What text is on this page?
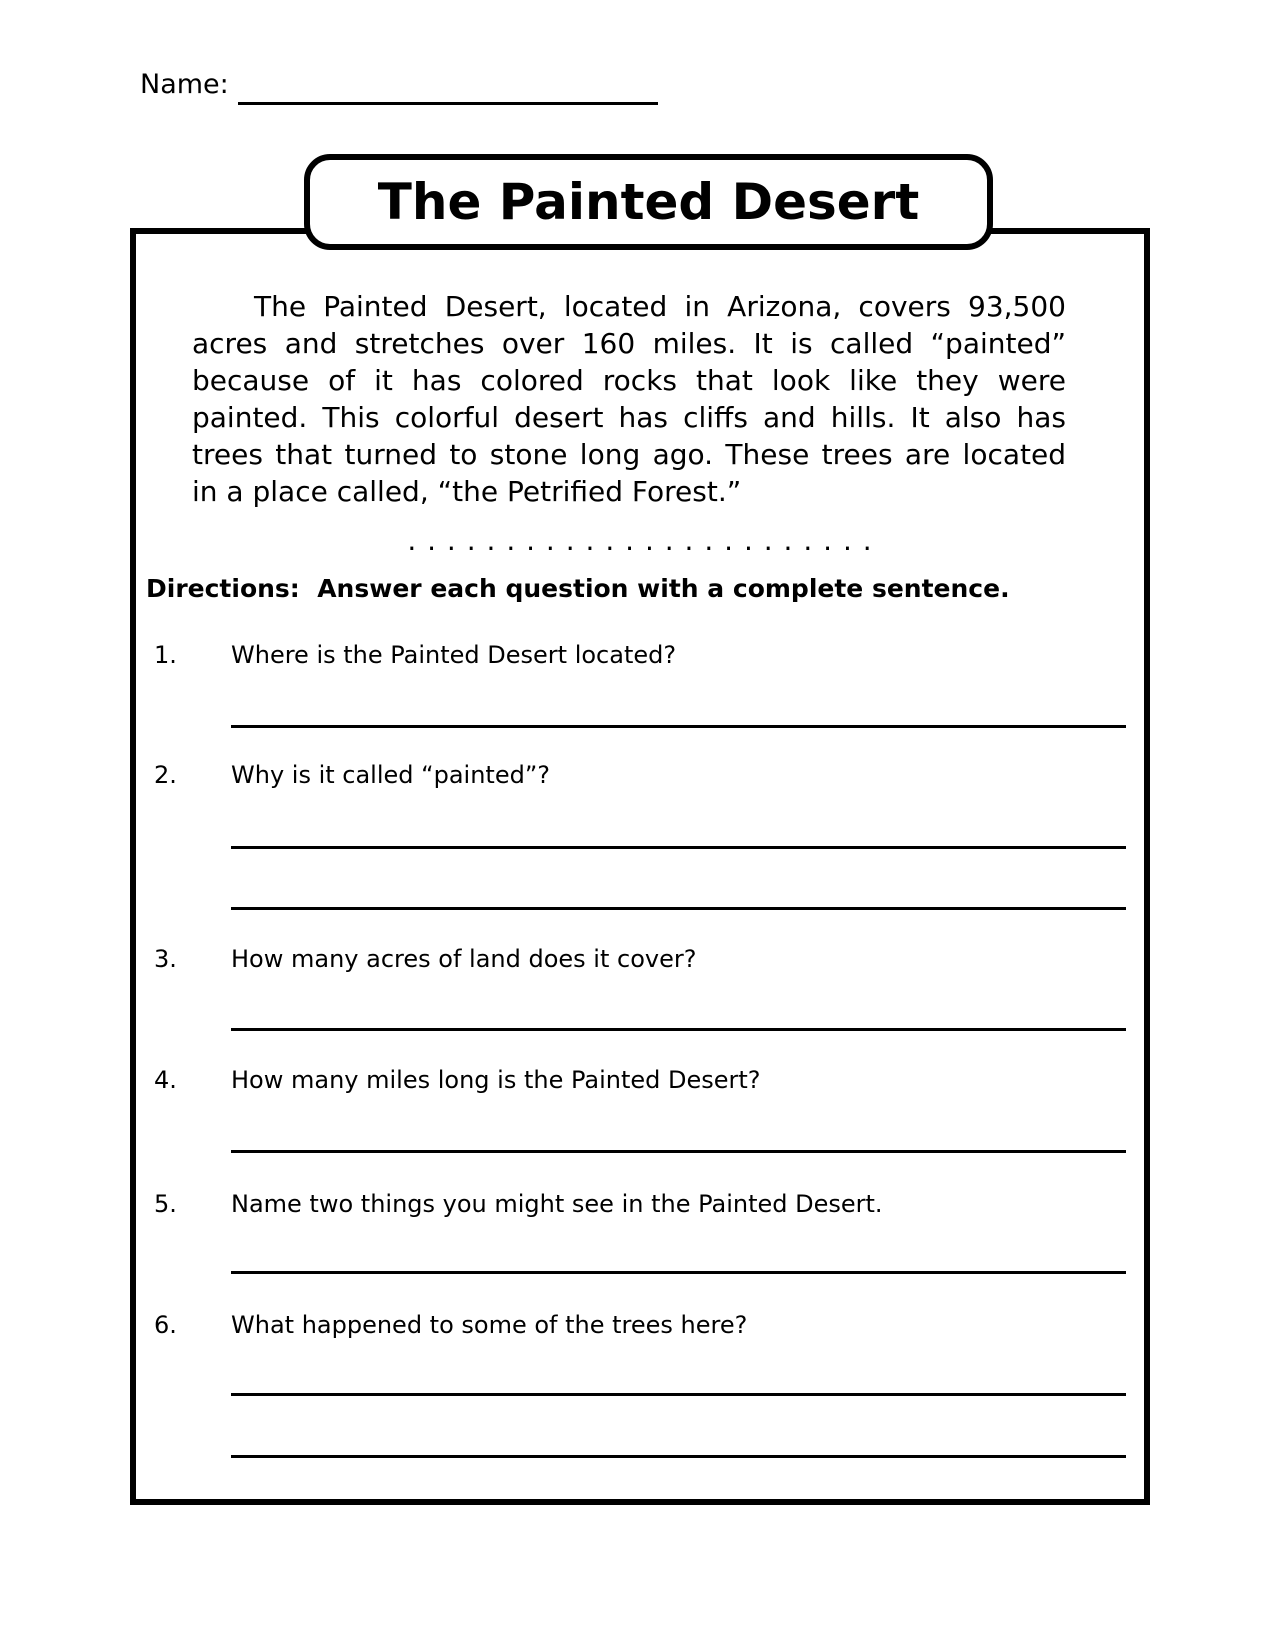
Name:
The Painted Desert
The Painted Desert, located in Arizona, covers 93,500
acres and stretches over 160 miles. It is called “painted”
because of it has colored rocks that look like they were
painted. This colorful desert has cliffs and hills. It also has
trees that turned to stone long ago. These trees are located
in a place called, “the Petrified Forest.”
. . . . . . . . . . . . . . . . . . . . . . . .
Directions:  Answer each question with a complete sentence.
1.	Where is the Painted Desert located?
2.	Why is it called “painted”?
3.	How many acres of land does it cover?
4.	How many miles long is the Painted Desert?
5.	Name two things you might see in the Painted Desert.
6.	What happened to some of the trees here?
